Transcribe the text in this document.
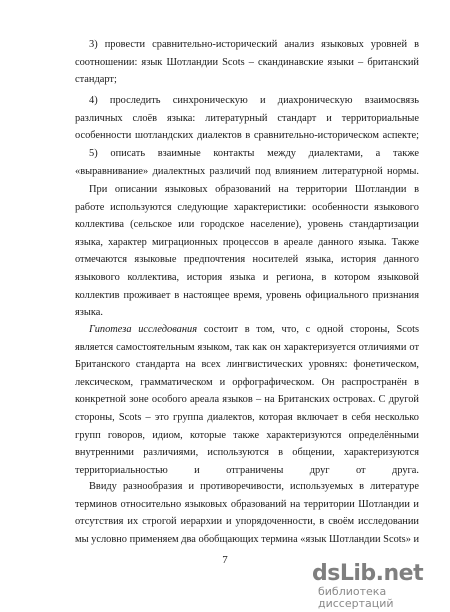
3) провести сравнительно-исторический анализ языковых уровней в
соотношении: язык Шотландии Scots – скандинавские языки – британский
стандарт;

4) проследить синхроническую и диахроническую взаимосвязь
различных слоёв языка: литературный стандарт и территориальные
особенности шотландских диалектов в сравнительно-историческом аспекте;

5) описать взаимные контакты между диалектами, а также
«выравнивание» диалектных различий под влиянием литературной нормы.

При описании языковых образований на территории Шотландии в
работе используются следующие характеристики: особенности языкового
коллектива (сельское или городское население), уровень стандартизации
языка, характер миграционных процессов в ареале данного языка. Также
отмечаются языковые предпочтения носителей языка, история данного
языкового коллектива, история языка и региона, в котором языковой
коллектив проживает в настоящее время, уровень официального признания
языка.

Гипотеза исследования состоит в том, что, с одной стороны, Scots
является самостоятельным языком, так как он характеризуется отличиями от
Британского стандарта на всех лингвистических уровнях: фонетическом,
лексическом, грамматическом и орфографическом. Он распространён в
конкретной зоне особого ареала языков – на Британских островах. С другой
стороны, Scots – это группа диалектов, которая включает в себя несколько
групп говоров, идиом, которые также характеризуются определёнными
внутренними различиями, используются в общении, характеризуются
территориальностью и отграничены друг от друга.

Ввиду разнообразия и противоречивости, используемых в литературе
терминов относительно языковых образований на территории Шотландии и
отсутствия их строгой иерархии и упорядоченности, в своём исследовании
мы условно применяем два обобщающих термина «язык Шотландии Scots» и

7
dsLib.net
библиотека диссертаций
